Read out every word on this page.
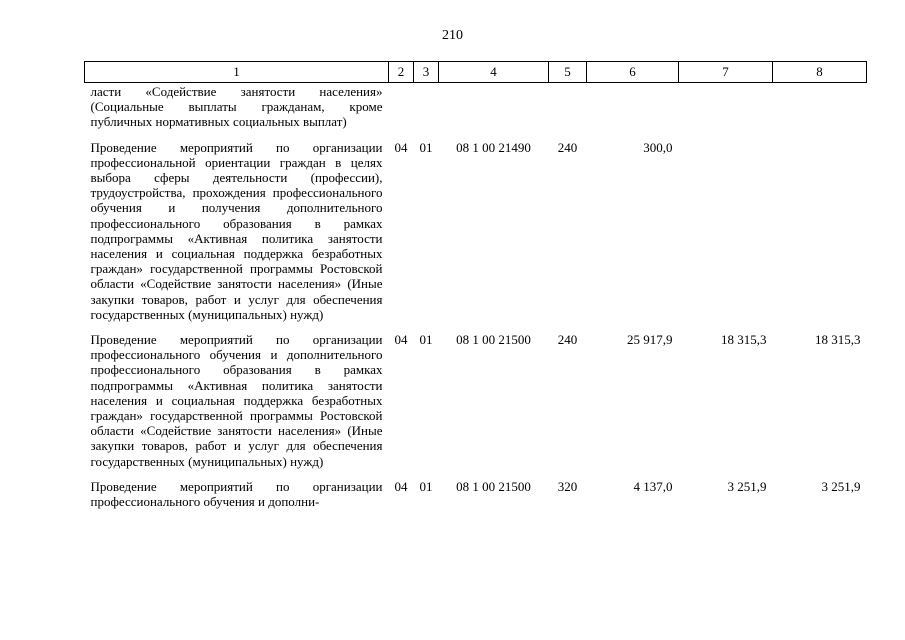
210
1	2	3	4	5	6	7	8
ласти «Содействие занятости населения» (Социальные выплаты гражданам, кроме публичных нормативных социальных выплат)							
Проведение мероприятий по организации профессиональной ориентации граждан в целях выбора сферы деятельности (профессии), трудоустройства, прохождения профессионального обучения и получения дополнительного профессионального образования в рамках подпрограммы «Активная политика занятости населения и социальная поддержка безработных граждан» государственной программы Ростовской области «Содействие занятости населения» (Иные закупки товаров, работ и услуг для обеспечения государственных (муниципальных) нужд)	04	01	08 1 00 21490	240	300,0		
Проведение мероприятий по организации профессионального обучения и дополнительного профессионального образования в рамках подпрограммы «Активная политика занятости населения и социальная поддержка безработных граждан» государственной программы Ростовской области «Содействие занятости населения» (Иные закупки товаров, работ и услуг для обеспечения государственных (муниципальных) нужд)	04	01	08 1 00 21500	240	25 917,9	18 315,3	18 315,3
Проведение мероприятий по организации профессионального обучения и дополни-	04	01	08 1 00 21500	320	4 137,0	3 251,9	3 251,9
